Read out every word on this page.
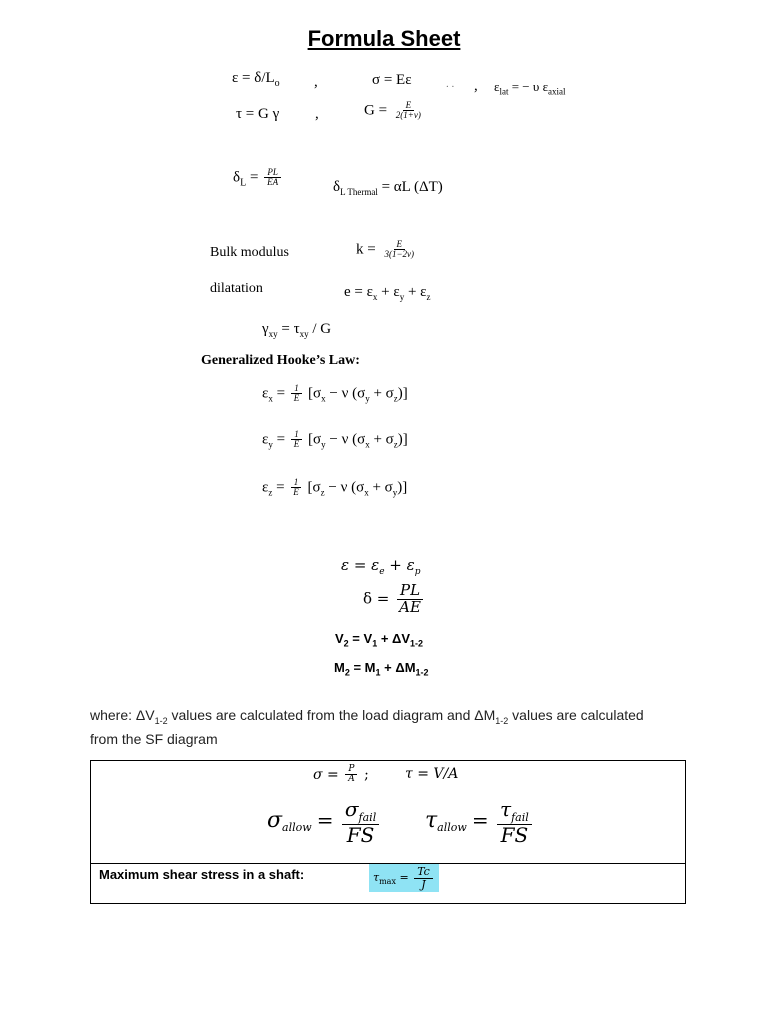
Formula Sheet
$\varepsilon = \delta/L_o$ ,	σ = Eε	. . , $\varepsilon_{lat}$ = − υ $\varepsilon_{axial}$
τ = G γ ,	$G = \frac{E}{2(1+\nu)}$
$\delta_L = \frac{PL}{EA}$	$\delta_{L Thermal} = \alpha L$ (ΔT)
Bulk modulus	$k = \frac{E}{3(1-2\nu)}$
dilatation	$e = \varepsilon_x + \varepsilon_y + \varepsilon_z$
$\gamma_{xy} = \tau_{xy} / G$
Generalized Hooke’s Law:
$\varepsilon_x = \frac{1}{E} [\sigma_x - \nu$ $(\sigma_y + \sigma_z)$]
$\varepsilon_y = \frac{1}{E} [\sigma_y - \nu$ $(\sigma_x + \sigma_z)$]
$\varepsilon_z = \frac{1}{E} [\sigma_z - \nu$ $(\sigma_x + \sigma_y)$]
$\varepsilon = \varepsilon_e + \varepsilon_p$
$\delta = \frac{PL}{AE}$
$V_2 = V_1 + \Delta V_{1-2}$
$M_2 = M_1 + \Delta M_{1-2}$
where: $\Delta V_{1-2}$ values are calculated from the load diagram and $\Delta M_{1-2}$ values are calculated from the SF diagram
$\sigma = \frac{P}{A}$ ;	τ = V/A
$\sigma_{allow} = \frac{\sigma_{fail}}{FS} \tau_{allow} = \frac{\tau_{fail}}{FS}$
Maximum shear stress in a shaft:	$\tau_{max} = \frac{Tc}{J}$
